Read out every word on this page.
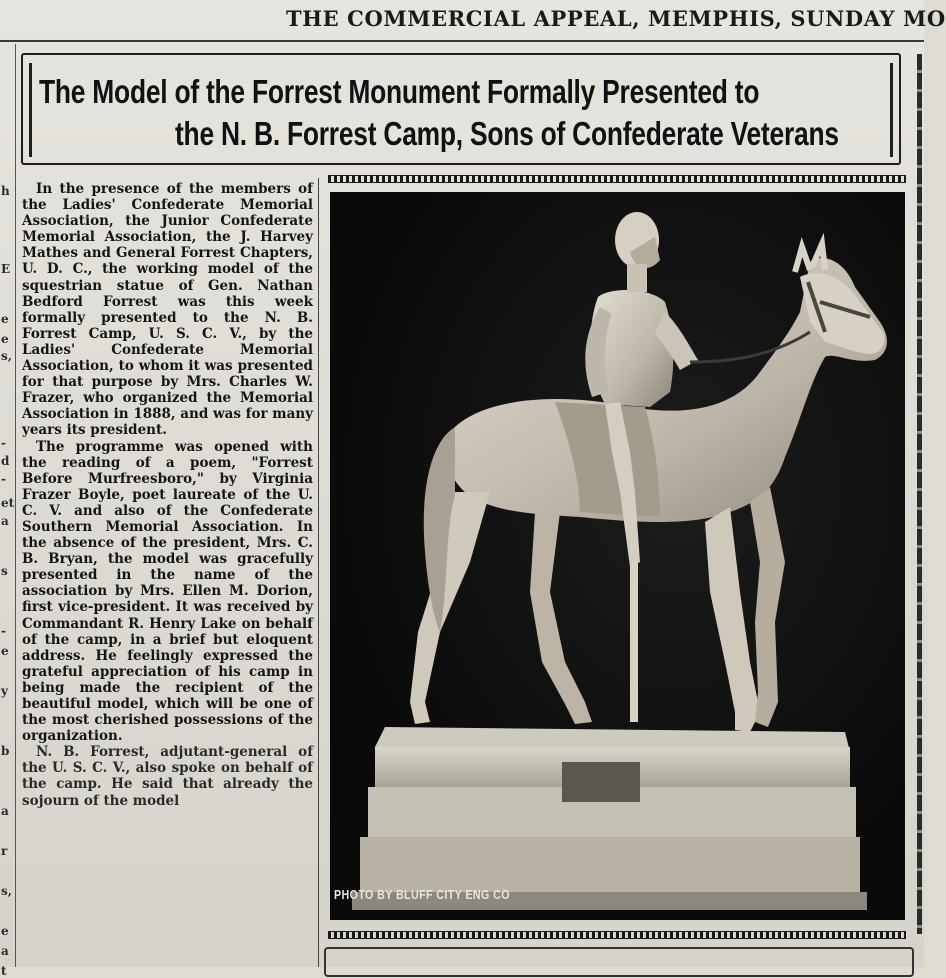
THE COMMERCIAL APPEAL, MEMPHIS, SUNDAY MO
h
E
e
e
s,
-
d
-
et
a
s
-
e
y
b
a
r
s,
e
a
t
The Model of the Forrest Monument Formally Presented to
the N. B. Forrest Camp, Sons of Confederate Veterans

In the presence of the members of the Ladies' Confederate Memorial Association, the Junior Confederate Memorial Association, the J. Harvey Mathes and General Forrest Chapters, U. D. C., the working model of the squestrian statue of Gen. Nathan Bedford Forrest was this week formally presented to the N. B. Forrest Camp, U. S. C. V., by the Ladies' Confederate Memorial Association, to whom it was presented for that purpose by Mrs. Charles W. Frazer, who organized the Memorial Association in 1888, and was for many years its president.

The programme was opened with the reading of a poem, "Forrest Before Murfreesboro," by Virginia Frazer Boyle, poet laureate of the U. C. V. and also of the Confederate Southern Memorial Association. In the absence of the president, Mrs. C. B. Bryan, the model was gracefully presented in the name of the association by Mrs. Ellen M. Dorion, first vice-president. It was received by Commandant R. Henry Lake on behalf of the camp, in a brief but eloquent address. He feelingly expressed the grateful appreciation of his camp in being made the recipient of the beautiful model, which will be one of the most cherished possessions of the organization.

N. B. Forrest, adjutant-general of the U. S. C. V., also spoke on behalf of the camp. He said that already the sojourn of the model

PHOTO BY BLUFF CITY ENG CO
